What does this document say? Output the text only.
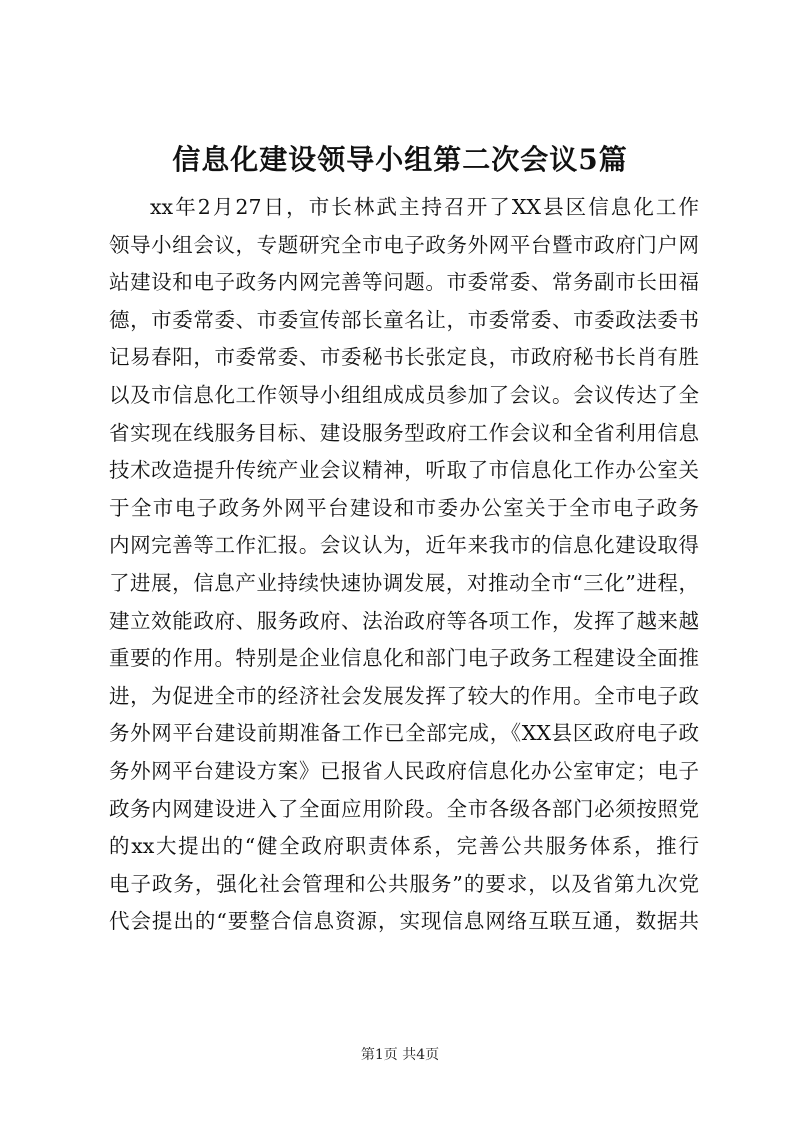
信息化建设领导小组第二次会议5篇
xx年2月27日，市长林武主持召开了XX县区信息化工作
领导小组会议，专题研究全市电子政务外网平台暨市政府门户网
站建设和电子政务内网完善等问题。市委常委、常务副市长田福
德，市委常委、市委宣传部长童名让，市委常委、市委政法委书
记易春阳，市委常委、市委秘书长张定良，市政府秘书长肖有胜
以及市信息化工作领导小组组成成员参加了会议。会议传达了全
省实现在线服务目标、建设服务型政府工作会议和全省利用信息
技术改造提升传统产业会议精神，听取了市信息化工作办公室关
于全市电子政务外网平台建设和市委办公室关于全市电子政务
内网完善等工作汇报。会议认为，近年来我市的信息化建设取得
了进展，信息产业持续快速协调发展，对推动全市“三化”进程，
建立效能政府、服务政府、法治政府等各项工作，发挥了越来越
重要的作用。特别是企业信息化和部门电子政务工程建设全面推
进，为促进全市的经济社会发展发挥了较大的作用。全市电子政
务外网平台建设前期准备工作已全部完成，《XX县区政府电子政
务外网平台建设方案》已报省人民政府信息化办公室审定；电子
政务内网建设进入了全面应用阶段。全市各级各部门必须按照党
的xx大提出的“健全政府职责体系，完善公共服务体系，推行
电子政务，强化社会管理和公共服务”的要求，以及省第九次党
代会提出的“要整合信息资源，实现信息网络互联互通，数据共
第1页 共4页
